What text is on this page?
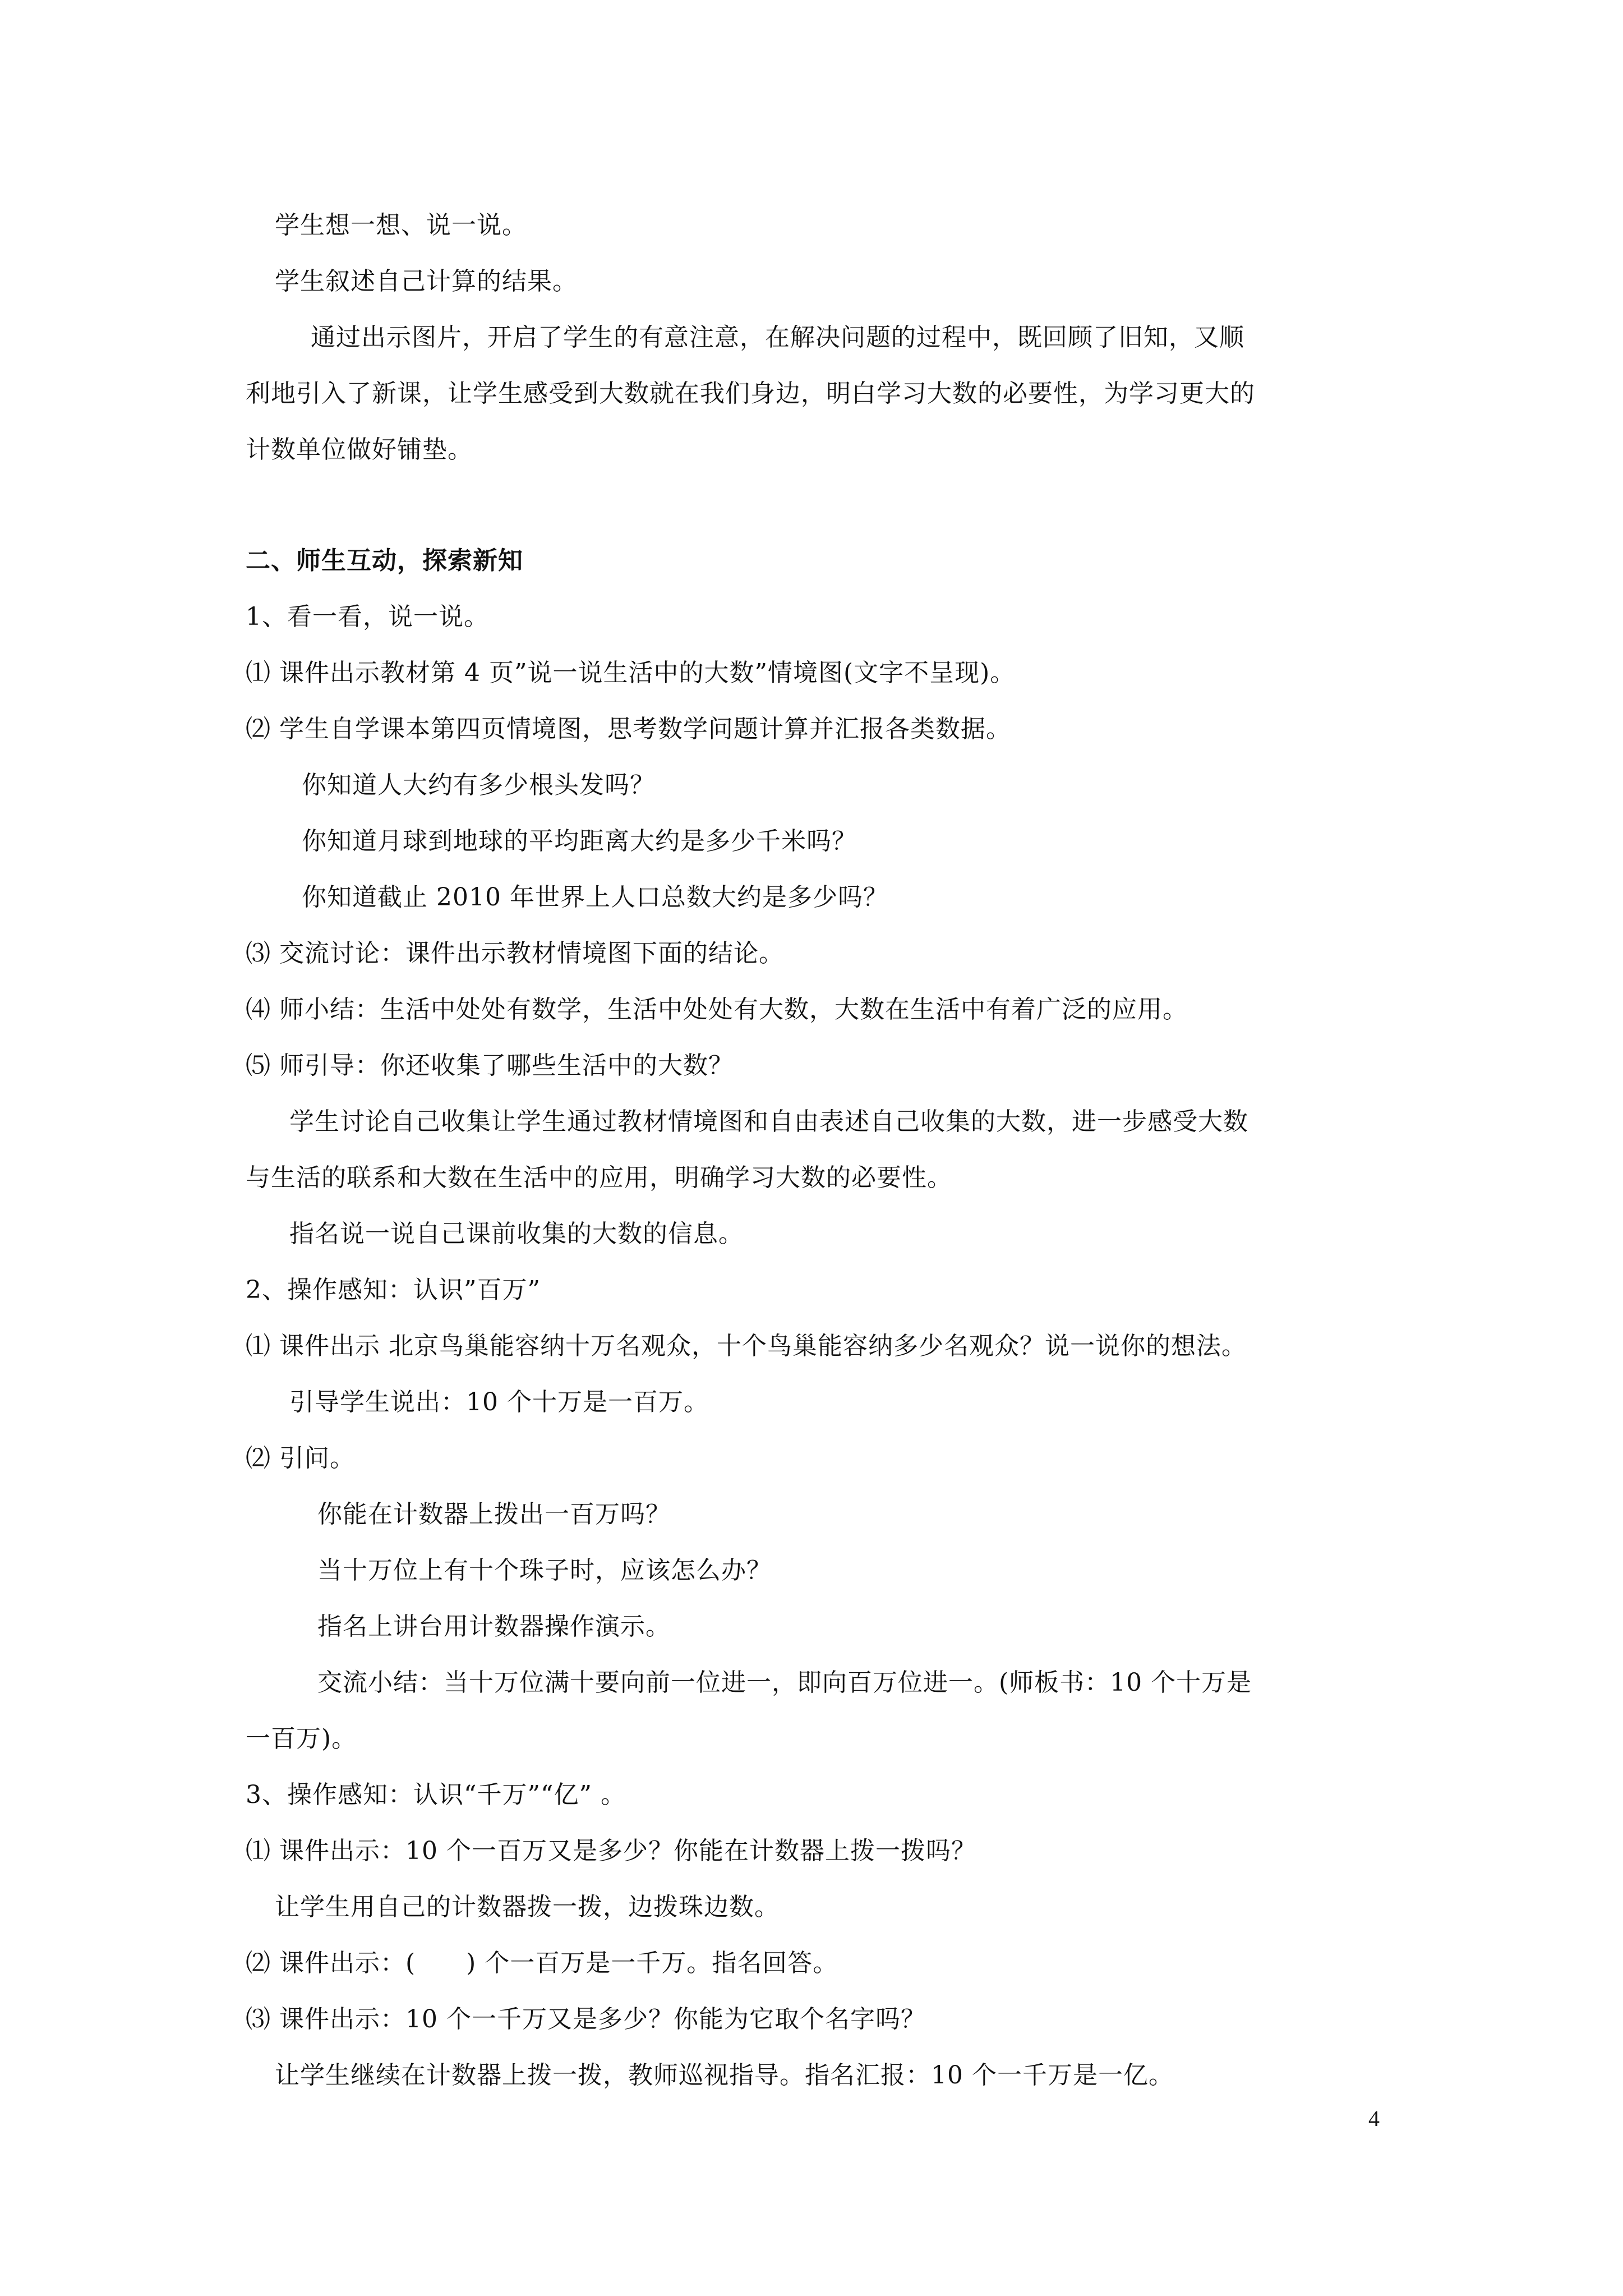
学生想一想、说一说。
学生叙述自己计算的结果。
通过出示图片，开启了学生的有意注意，在解决问题的过程中，既回顾了旧知，又顺
利地引入了新课，让学生感受到大数就在我们身边，明白学习大数的必要性，为学习更大的
计数单位做好铺垫。
二、师生互动，探索新知
1、看一看，说一说。
⑴ 课件出示教材第 4 页”说一说生活中的大数”情境图(文字不呈现)。
⑵ 学生自学课本第四页情境图，思考数学问题计算并汇报各类数据。
你知道人大约有多少根头发吗？
你知道月球到地球的平均距离大约是多少千米吗？
你知道截止 2010 年世界上人口总数大约是多少吗？
⑶ 交流讨论：课件出示教材情境图下面的结论。
⑷ 师小结：生活中处处有数学，生活中处处有大数，大数在生活中有着广泛的应用。
⑸ 师引导：你还收集了哪些生活中的大数？
学生讨论自己收集让学生通过教材情境图和自由表述自己收集的大数，进一步感受大数
与生活的联系和大数在生活中的应用，明确学习大数的必要性。
指名说一说自己课前收集的大数的信息。
2、操作感知：认识”百万”
⑴ 课件出示 北京鸟巢能容纳十万名观众，十个鸟巢能容纳多少名观众？说一说你的想法。
引导学生说出：10 个十万是一百万。
⑵ 引问。
你能在计数器上拨出一百万吗？
当十万位上有十个珠子时，应该怎么办？
指名上讲台用计数器操作演示。
交流小结：当十万位满十要向前一位进一，即向百万位进一。(师板书：10 个十万是
一百万)。
3、操作感知：认识“千万”“亿” 。
⑴ 课件出示：10 个一百万又是多少？你能在计数器上拨一拨吗？
让学生用自己的计数器拨一拨，边拨珠边数。
⑵ 课件出示：(　　) 个一百万是一千万。指名回答。
⑶ 课件出示：10 个一千万又是多少？你能为它取个名字吗？
让学生继续在计数器上拨一拨，教师巡视指导。指名汇报：10 个一千万是一亿。
4
